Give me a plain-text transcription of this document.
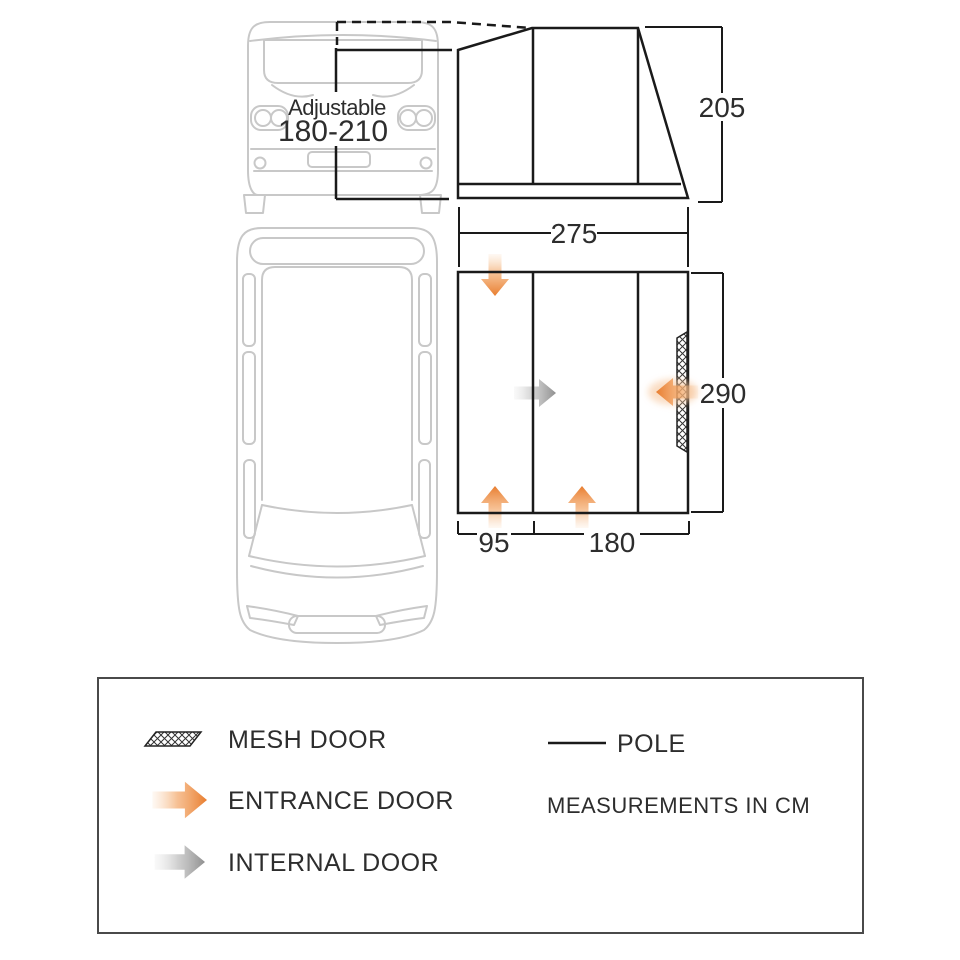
Adjustable
180-210
205
275
290
95	180
MESH DOOR
ENTRANCE DOOR
INTERNAL DOOR
POLE
MEASUREMENTS IN CM
